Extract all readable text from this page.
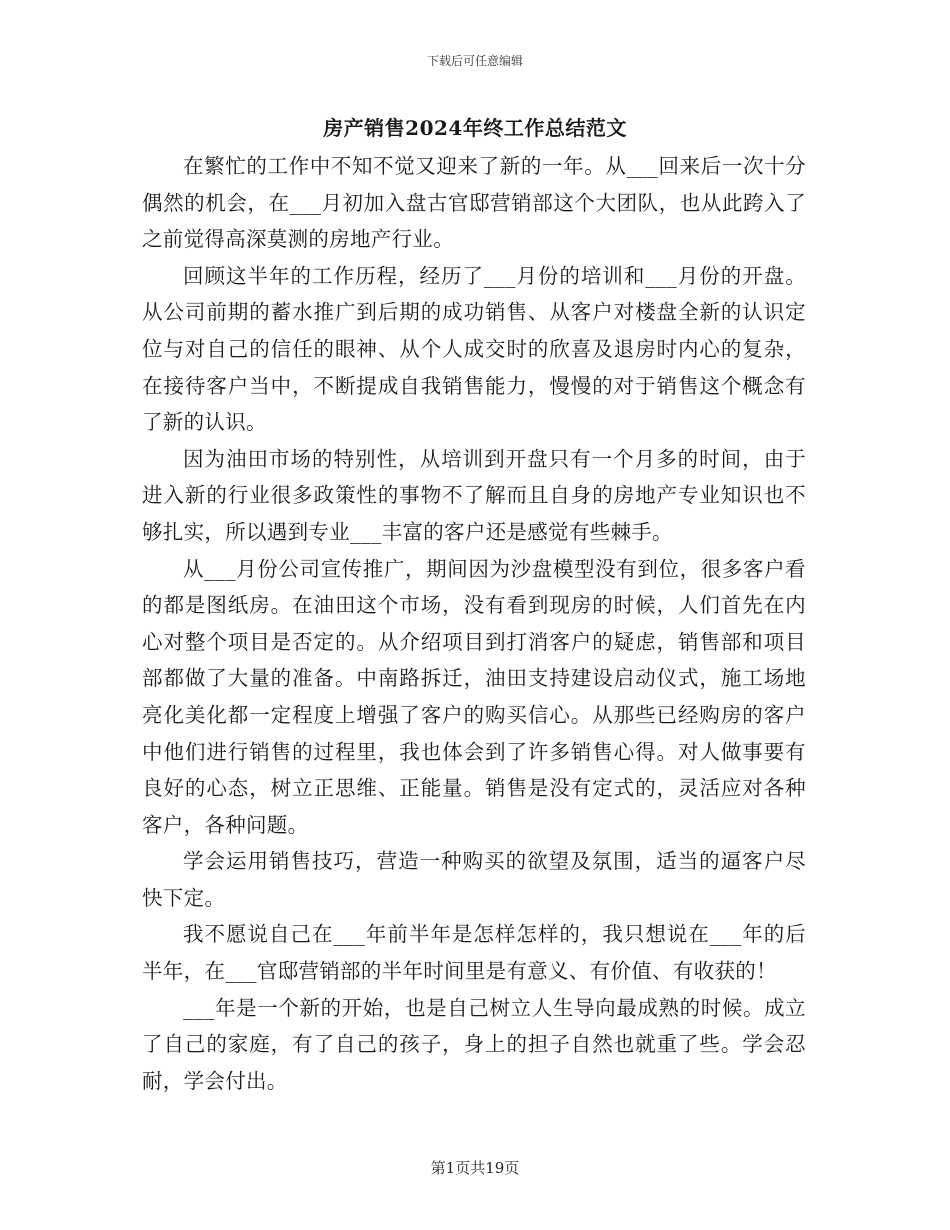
下载后可任意编辑
房产销售2024年终工作总结范文

在繁忙的工作中不知不觉又迎来了新的一年。从___回来后一次十分偶然的机会，在___月初加入盘古官邸营销部这个大团队，也从此跨入了之前觉得高深莫测的房地产行业。

回顾这半年的工作历程，经历了___月份的培训和___月份的开盘。从公司前期的蓄水推广到后期的成功销售、从客户对楼盘全新的认识定位与对自己的信任的眼神、从个人成交时的欣喜及退房时内心的复杂，在接待客户当中，不断提成自我销售能力，慢慢的对于销售这个概念有了新的认识。

因为油田市场的特别性，从培训到开盘只有一个月多的时间，由于进入新的行业很多政策性的事物不了解而且自身的房地产专业知识也不够扎实，所以遇到专业___丰富的客户还是感觉有些棘手。

从___月份公司宣传推广，期间因为沙盘模型没有到位，很多客户看的都是图纸房。在油田这个市场，没有看到现房的时候，人们首先在内心对整个项目是否定的。从介绍项目到打消客户的疑虑，销售部和项目部都做了大量的准备。中南路拆迁，油田支持建设启动仪式，施工场地亮化美化都一定程度上增强了客户的购买信心。从那些已经购房的客户中他们进行销售的过程里，我也体会到了许多销售心得。对人做事要有良好的心态，树立正思维、正能量。销售是没有定式的，灵活应对各种客户，各种问题。

学会运用销售技巧，营造一种购买的欲望及氛围，适当的逼客户尽快下定。

我不愿说自己在___年前半年是怎样怎样的，我只想说在___年的后半年，在___官邸营销部的半年时间里是有意义、有价值、有收获的！

___年是一个新的开始，也是自己树立人生导向最成熟的时候。成立了自己的家庭，有了自己的孩子，身上的担子自然也就重了些。学会忍耐，学会付出。

第1页共19页
